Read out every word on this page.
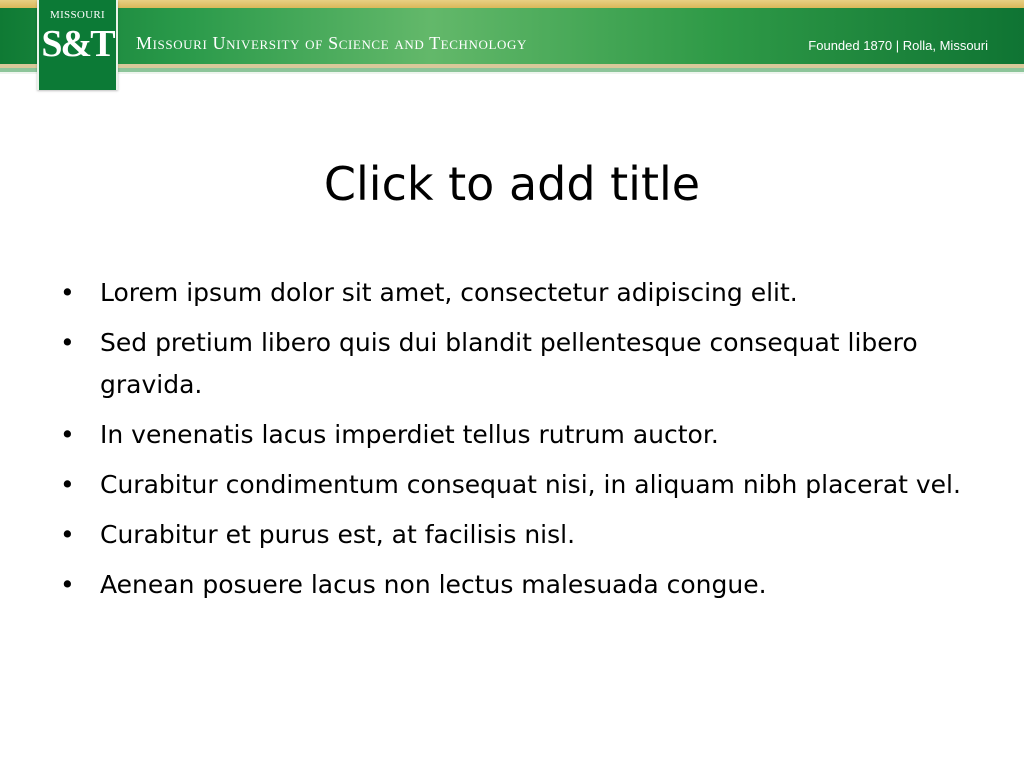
MISSOURI
S&T Missouri University of Science and Technology	Founded 1870 | Rolla, Missouri
Click to add title
• Lorem ipsum dolor sit amet, consectetur adipiscing elit.
• Sed pretium libero quis dui blandit pellentesque consequat libero gravida.
• In venenatis lacus imperdiet tellus rutrum auctor.
• Curabitur condimentum consequat nisi, in aliquam nibh placerat vel.
• Curabitur et purus est, at facilisis nisl.
• Aenean posuere lacus non lectus malesuada congue.
